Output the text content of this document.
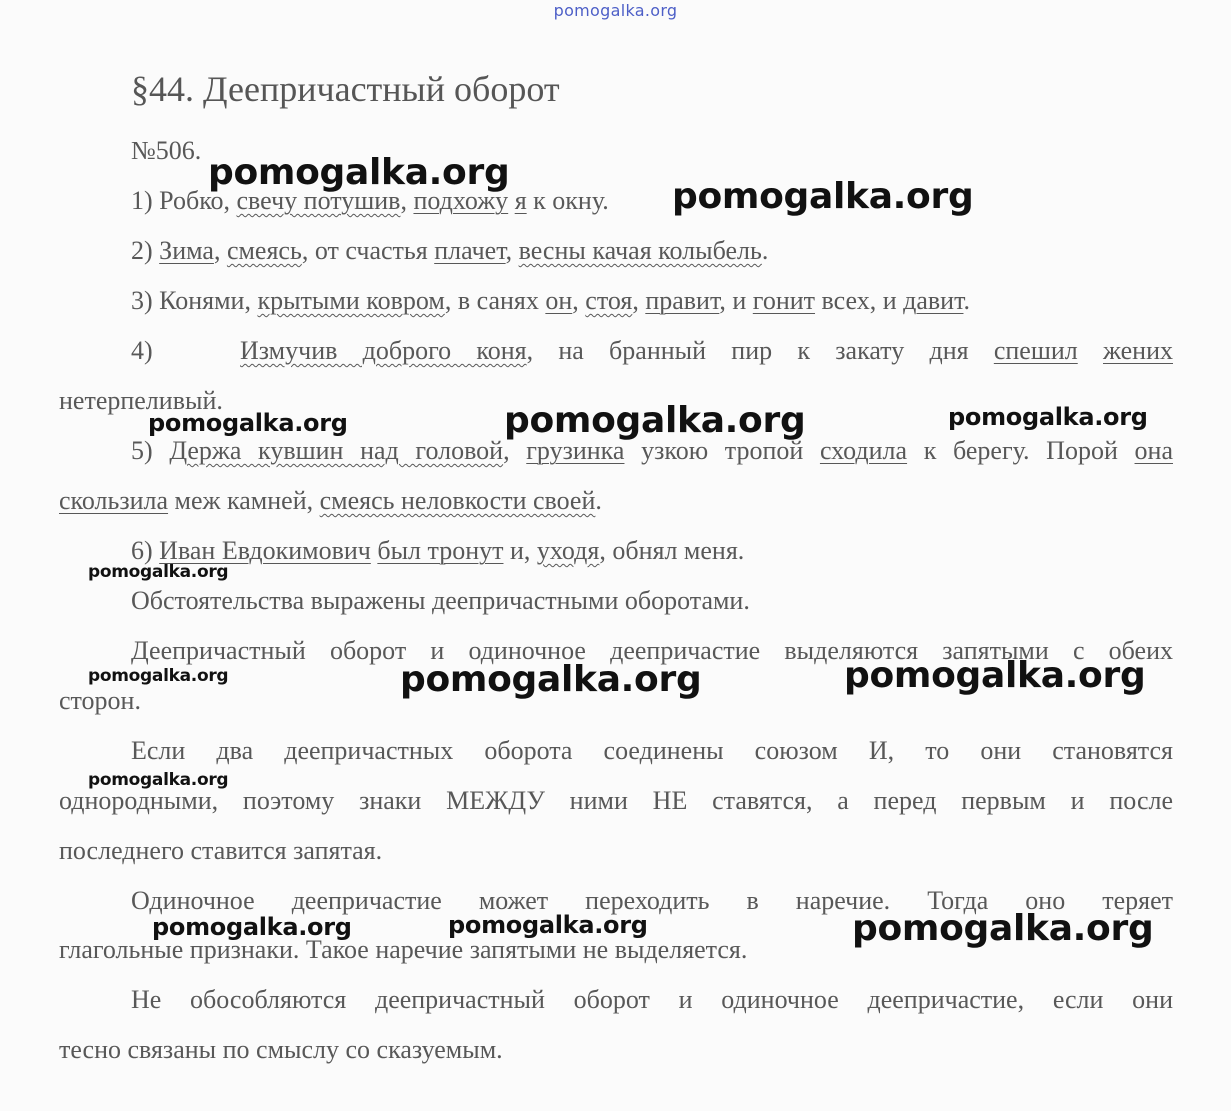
pomogalka.org
§44. Деепричастный оборот
№506.
1) Робко, свечу потушив, подхожу я к окну.
2) Зима, смеясь, от счастья плачет, весны качая колыбель.
3) Конями, крытыми ковром, в санях он, стоя, правит, и гонит всех, и давит.
4)	Измучив доброго коня, на бранный пир к закату дня спешил жених
нетерпеливый.
5) Держа кувшин над головой, грузинка узкою тропой сходила к берегу. Порой она
скользила меж камней, смеясь неловкости своей.
6) Иван Евдокимович был тронут и, уходя, обнял меня.
Обстоятельства выражены деепричастными оборотами.
Деепричастный оборот и одиночное деепричастие выделяются запятыми с обеих
сторон.
Если два деепричастных оборота соединены союзом И, то они становятся
однородными, поэтому знаки МЕЖДУ ними НЕ ставятся, а перед первым и после
последнего ставится запятая.
Одиночное деепричастие может переходить в наречие. Тогда оно теряет
глагольные признаки. Такое наречие запятыми не выделяется.
Не обособляются деепричастный оборот и одиночное деепричастие, если они
тесно связаны по смыслу со сказуемым.
pomogalka.org
pomogalka.org
pomogalka.org	pomogalka.org	pomogalka.org
pomogalka.org
pomogalka.org	pomogalka.org	pomogalka.org
pomogalka.org
pomogalka.org	pomogalka.org	pomogalka.org
